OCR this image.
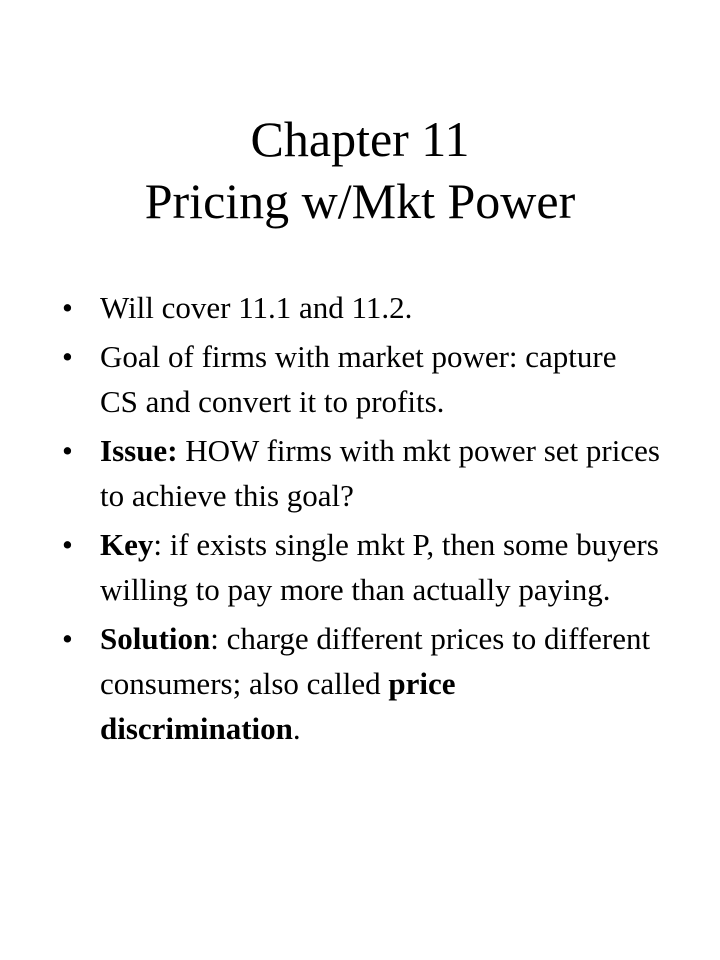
Chapter 11
Pricing w/Mkt Power
• Will cover 11.1 and 11.2.
• Goal of firms with market power: capture CS and convert it to profits.
• Issue: HOW firms with mkt power set prices to achieve this goal?
• Key: if exists single mkt P, then some buyers willing to pay more than actually paying.
• Solution: charge different prices to different consumers; also called price discrimination.
